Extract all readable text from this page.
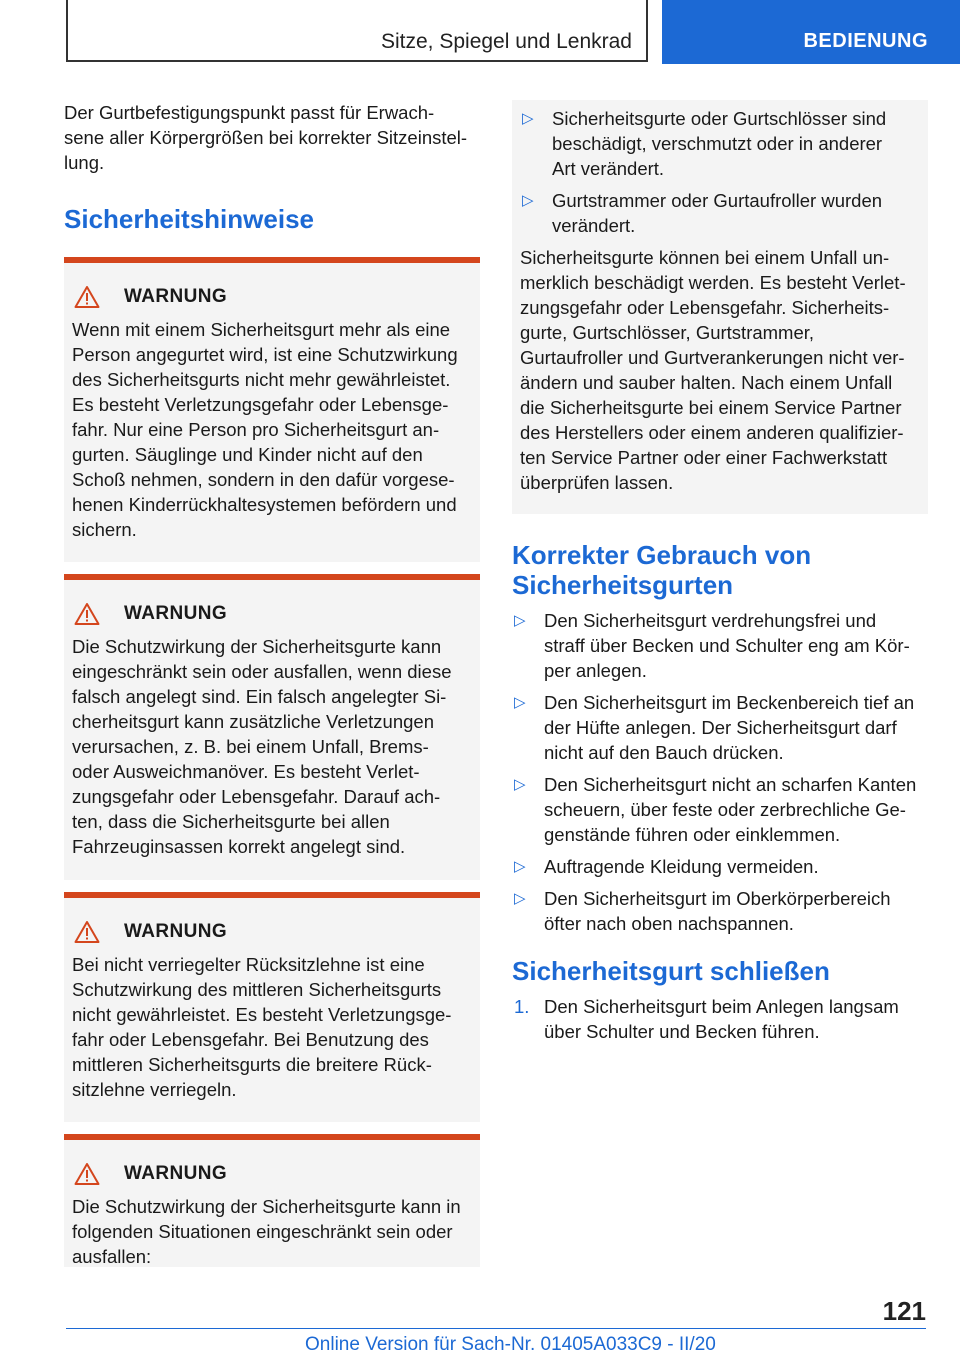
Sitze, Spiegel und Lenkrad	BEDIENUNG

Der Gurtbefestigungspunkt passt für Erwach-
sene aller Körpergrößen bei korrekter Sitzeinstel-
lung.

Sicherheitshinweise
WARNUNG

Wenn mit einem Sicherheitsgurt mehr als eine
Person angegurtet wird, ist eine Schutzwirkung
des Sicherheitsgurts nicht mehr gewährleistet.
Es besteht Verletzungsgefahr oder Lebensge-
fahr. Nur eine Person pro Sicherheitsgurt an-
gurten. Säuglinge und Kinder nicht auf den
Schoß nehmen, sondern in den dafür vorgese-
henen Kinderrückhaltesystemen befördern und
sichern.

WARNUNG

Die Schutzwirkung der Sicherheitsgurte kann
eingeschränkt sein oder ausfallen, wenn diese
falsch angelegt sind. Ein falsch angelegter Si-
cherheitsgurt kann zusätzliche Verletzungen
verursachen, z. B. bei einem Unfall, Brems-
oder Ausweichmanöver. Es besteht Verlet-
zungsgefahr oder Lebensgefahr. Darauf ach-
ten, dass die Sicherheitsgurte bei allen
Fahrzeuginsassen korrekt angelegt sind.

WARNUNG

Bei nicht verriegelter Rücksitzlehne ist eine
Schutzwirkung des mittleren Sicherheitsgurts
nicht gewährleistet. Es besteht Verletzungsge-
fahr oder Lebensgefahr. Bei Benutzung des
mittleren Sicherheitsgurts die breitere Rück-
sitzlehne verriegeln.

WARNUNG

Die Schutzwirkung der Sicherheitsgurte kann in
folgenden Situationen eingeschränkt sein oder
ausfallen:

▷ Sicherheitsgurte oder Gurtschlösser sind
beschädigt, verschmutzt oder in anderer
Art verändert.
▷ Gurtstrammer oder Gurtaufroller wurden
verändert.

Sicherheitsgurte können bei einem Unfall un-
merklich beschädigt werden. Es besteht Verlet-
zungsgefahr oder Lebensgefahr. Sicherheits-
gurte, Gurtschlösser, Gurtstrammer,
Gurtaufroller und Gurtverankerungen nicht ver-
ändern und sauber halten. Nach einem Unfall
die Sicherheitsgurte bei einem Service Partner
des Herstellers oder einem anderen qualifizier-
ten Service Partner oder einer Fachwerkstatt
überprüfen lassen.

Korrekter Gebrauch von
Sicherheitsgurten
▷ Den Sicherheitsgurt verdrehungsfrei und
straff über Becken und Schulter eng am Kör-
per anlegen.
▷ Den Sicherheitsgurt im Beckenbereich tief an
der Hüfte anlegen. Der Sicherheitsgurt darf
nicht auf den Bauch drücken.
▷ Den Sicherheitsgurt nicht an scharfen Kanten
scheuern, über feste oder zerbrechliche Ge-
genstände führen oder einklemmen.
▷ Auftragende Kleidung vermeiden.
▷ Den Sicherheitsgurt im Oberkörperbereich
öfter nach oben nachspannen.
Sicherheitsgurt schließen
1. Den Sicherheitsgurt beim Anlegen langsam
über Schulter und Becken führen.
121
Online Version für Sach-Nr. 01405A033C9 - II/20
